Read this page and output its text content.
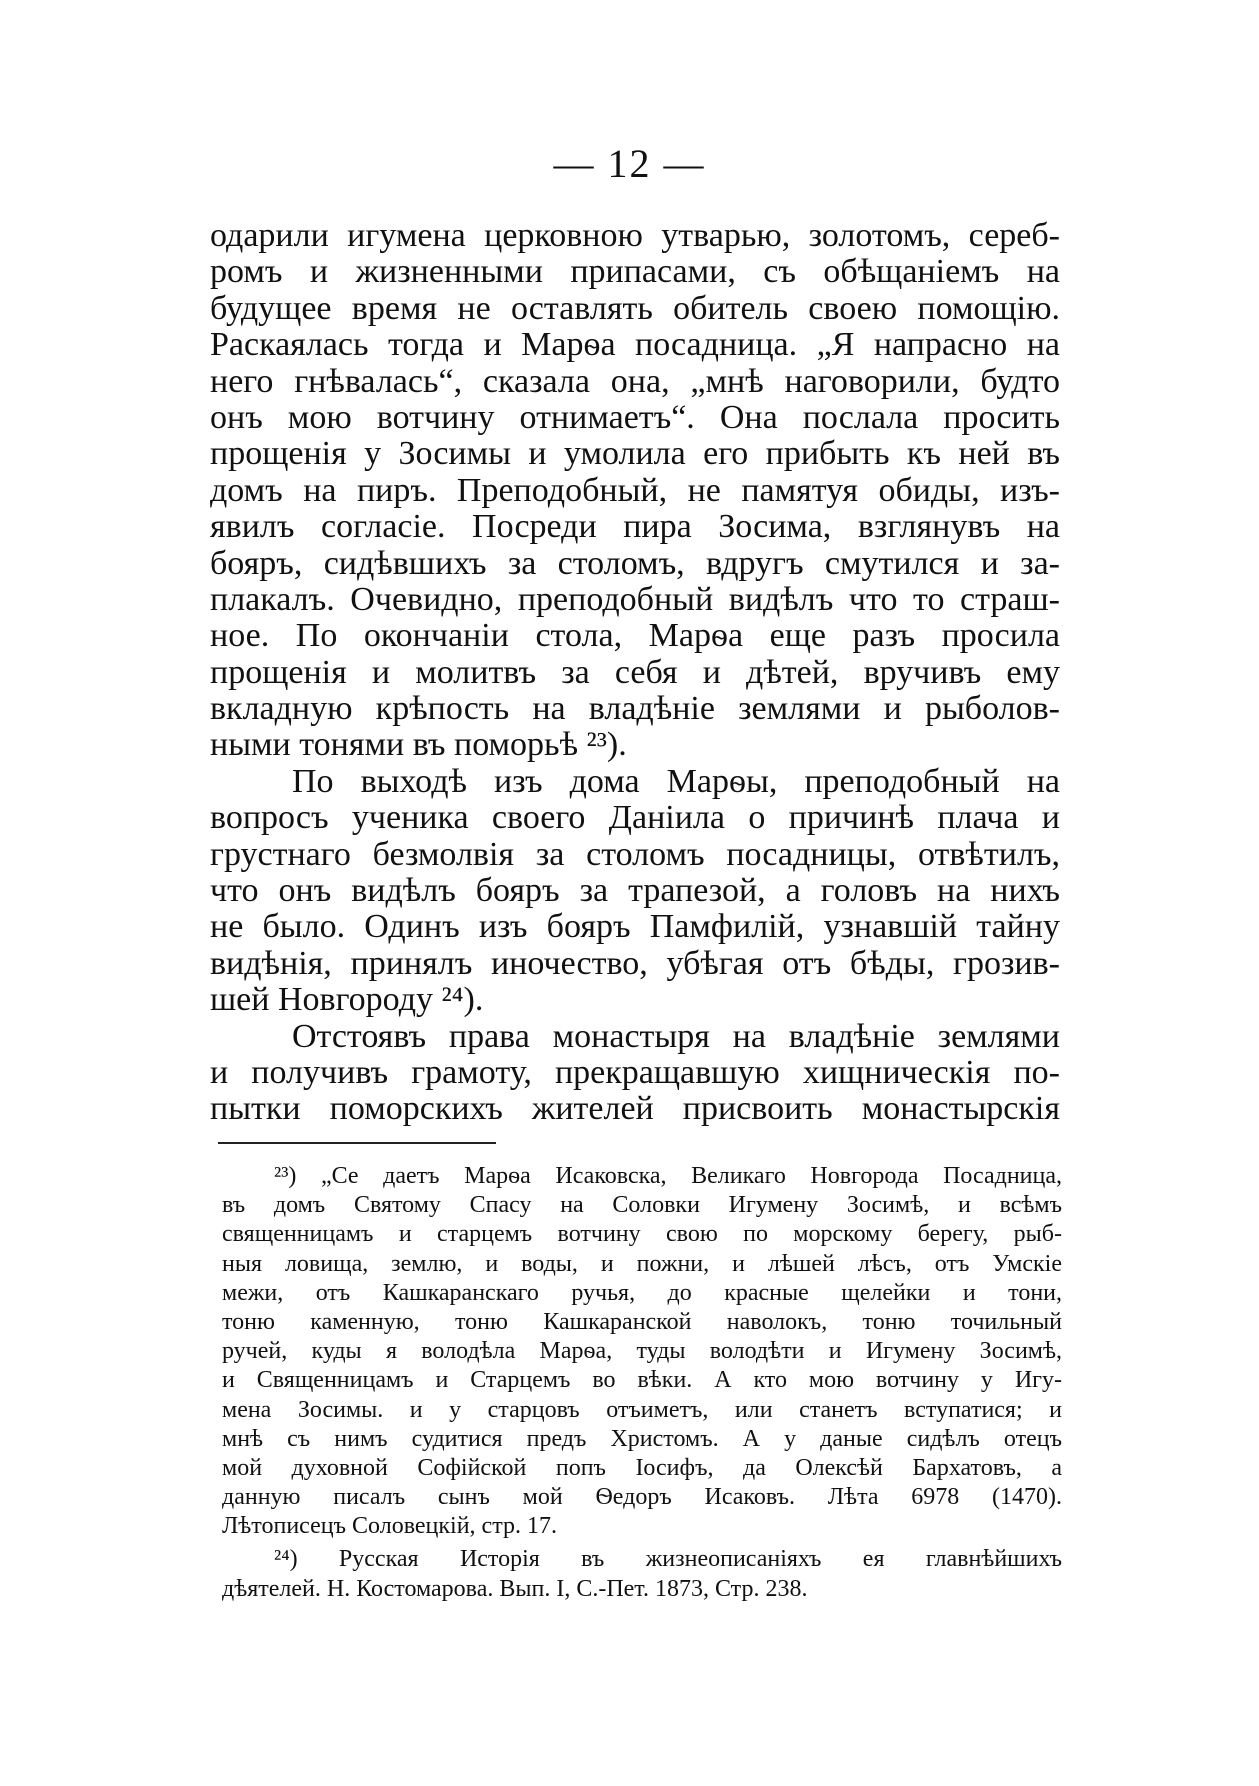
— 12 —
одарили игумена церковною утварью, золотомъ, сереб-
ромъ и жизненными припасами, съ обѣщаніемъ на
будущее время не оставлять обитель своею помощію.
Раскаялась тогда и Марѳа посадница. „Я напрасно на
него гнѣвалась“, сказала она, „мнѣ наговорили, будто
онъ мою вотчину отнимаетъ“. Она послала просить
прощенія у Зосимы и умолила его прибыть къ ней въ
домъ на пиръ. Преподобный, не памятуя обиды, изъ-
явилъ согласіе. Посреди пира Зосима, взглянувъ на
бояръ, сидѣвшихъ за столомъ, вдругъ смутился и за-
плакалъ. Очевидно, преподобный видѣлъ что то страш-
ное. По окончаніи стола, Марѳа еще разъ просила
прощенія и молитвъ за себя и дѣтей, вручивъ ему
вкладную крѣпость на владѣніе землями и рыболов-
ными тонями въ поморьѣ ²³).
По выходѣ изъ дома Марѳы, преподобный на
вопросъ ученика своего Даніила о причинѣ плача и
грустнаго безмолвія за столомъ посадницы, отвѣтилъ,
что онъ видѣлъ бояръ за трапезой, а головъ на нихъ
не было. Одинъ изъ бояръ Памфилій, узнавшій тайну
видѣнія, принялъ иночество, убѣгая отъ бѣды, грозив-
шей Новгороду ²⁴).
Отстоявъ права монастыря на владѣніе землями
и получивъ грамоту, прекращавшую хищническія по-
пытки поморскихъ жителей присвоить монастырскія
²³) „Се даетъ Марѳа Исаковска, Великаго Новгорода Посадница,
въ домъ Святому Спасу на Соловки Игумену Зосимѣ, и всѣмъ
священницамъ и старцемъ вотчину свою по морскому берегу, рыб-
ныя ловища, землю, и воды, и пожни, и лѣшей лѣсъ, отъ Умскіе
межи, отъ Кашкаранскаго ручья, до красные щелейки и тони,
тоню каменную, тоню Кашкаранской наволокъ, тоню точильный
ручей, куды я володѣла Марѳа, туды володѣти и Игумену Зосимѣ,
и Священницамъ и Старцемъ во вѣки. А кто мою вотчину у Игу-
мена Зосимы. и у старцовъ отъиметъ, или станетъ вступатися; и
мнѣ съ нимъ судитися предъ Христомъ. А у даные сидѣлъ отецъ
мой духовной Софійской попъ Іосифъ, да Олексѣй Бархатовъ, а
данную писалъ сынъ мой Ѳедоръ Исаковъ. Лѣта 6978 (1470).
Лѣтописецъ Соловецкій, стр. 17.
²⁴) Русская Исторія въ жизнеописаніяхъ ея главнѣйшихъ
дѣятелей. Н. Костомарова. Вып. I, С.-Пет. 1873, Стр. 238.
